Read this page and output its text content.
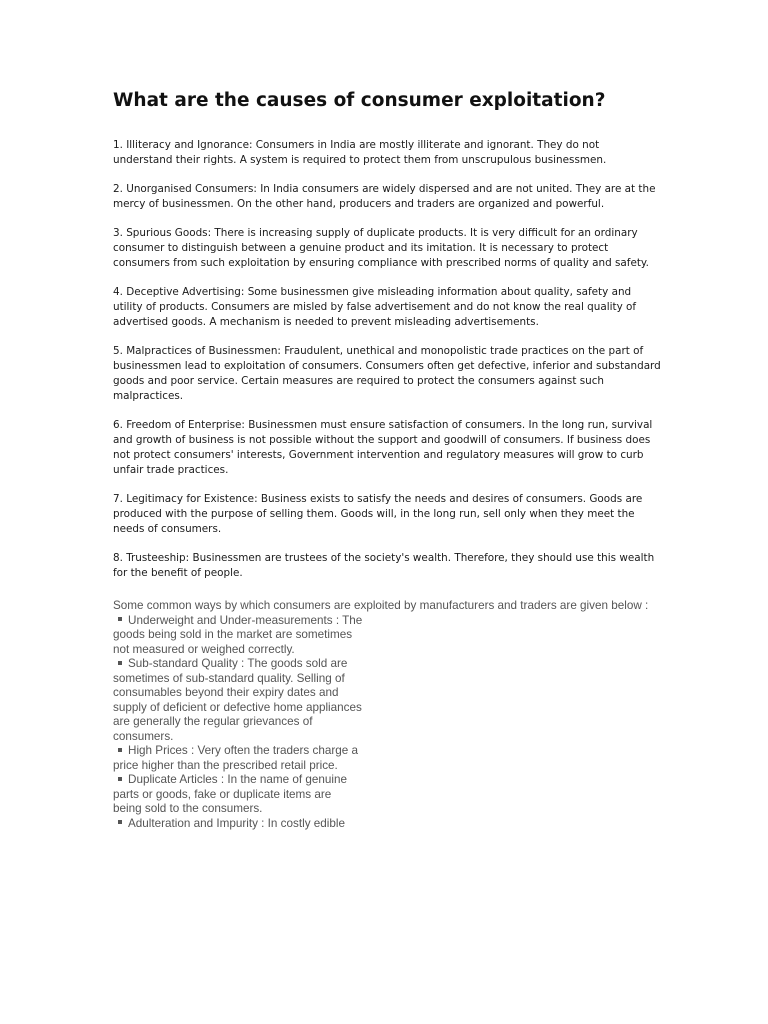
What are the causes of consumer exploitation?

1. Illiteracy and Ignorance: Consumers in India are mostly illiterate and ignorant. They do not understand their rights. A system is required to protect them from unscrupulous businessmen.

2. Unorganised Consumers: In India consumers are widely dispersed and are not united. They are at the mercy of businessmen. On the other hand, producers and traders are organized and powerful.

3. Spurious Goods: There is increasing supply of duplicate products. It is very difficult for an ordinary consumer to distinguish between a genuine product and its imitation. It is necessary to protect consumers from such exploitation by ensuring compliance with prescribed norms of quality and safety.

4. Deceptive Advertising: Some businessmen give misleading information about quality, safety and utility of products. Consumers are misled by false advertisement and do not know the real quality of advertised goods. A mechanism is needed to prevent misleading advertisements.

5. Malpractices of Businessmen: Fraudulent, unethical and monopolistic trade practices on the part of businessmen lead to exploitation of consumers. Consumers often get defective, inferior and substandard goods and poor service. Certain measures are required to protect the consumers against such malpractices.

6. Freedom of Enterprise: Businessmen must ensure satisfaction of consumers. In the long run, survival and growth of business is not possible without the support and goodwill of consumers. If business does not protect consumers' interests, Government intervention and regulatory measures will grow to curb unfair trade practices.

7. Legitimacy for Existence: Business exists to satisfy the needs and desires of consumers. Goods are produced with the purpose of selling them. Goods will, in the long run, sell only when they meet the needs of consumers.

8. Trusteeship: Businessmen are trustees of the society's wealth. Therefore, they should use this wealth for the benefit of people.

Some common ways by which consumers are exploited by manufacturers and traders are given below :
Underweight and Under-measurements : The goods being sold in the market are sometimes not measured or weighed correctly.
Sub-standard Quality : The goods sold are sometimes of sub-standard quality. Selling of consumables beyond their expiry dates and supply of deficient or defective home appliances are generally the regular grievances of consumers.
High Prices : Very often the traders charge a price higher than the prescribed retail price.
Duplicate Articles : In the name of genuine parts or goods, fake or duplicate items are being sold to the consumers.
Adulteration and Impurity : In costly edible
